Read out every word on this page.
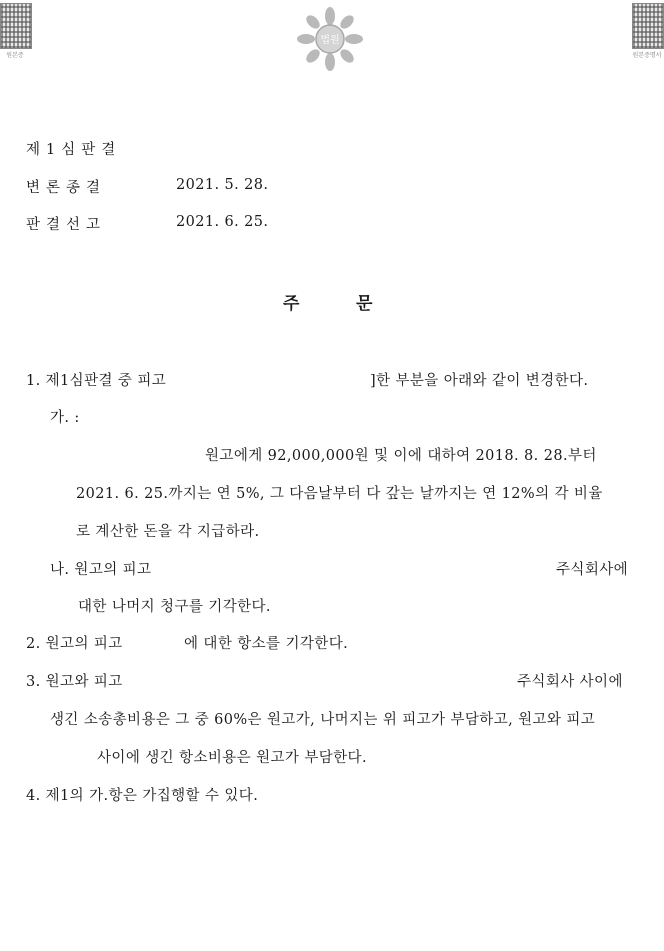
원본증	원본증명서
법원
제1심판결
변론종결	2021. 5. 28.
판결선고	2021. 6. 25.
주	문
1. 제1심판결 중 피고	]한 부분을 아래와 같이 변경한다.
가. :
원고에게 92,000,000원 및 이에 대하여 2018. 8. 28.부터
2021. 6. 25.까지는 연 5%, 그 다음날부터 다 갚는 날까지는 연 12%의 각 비율
로 계산한 돈을 각 지급하라.
나. 원고의 피고	주식회사에
대한 나머지 청구를 기각한다.
2. 원고의 피고	에 대한 항소를 기각한다.
3. 원고와 피고	주식회사 사이에
생긴 소송총비용은 그 중 60%은 원고가, 나머지는 위 피고가 부담하고, 원고와 피고
사이에 생긴 항소비용은 원고가 부담한다.
4. 제1의 가.항은 가집행할 수 있다.
